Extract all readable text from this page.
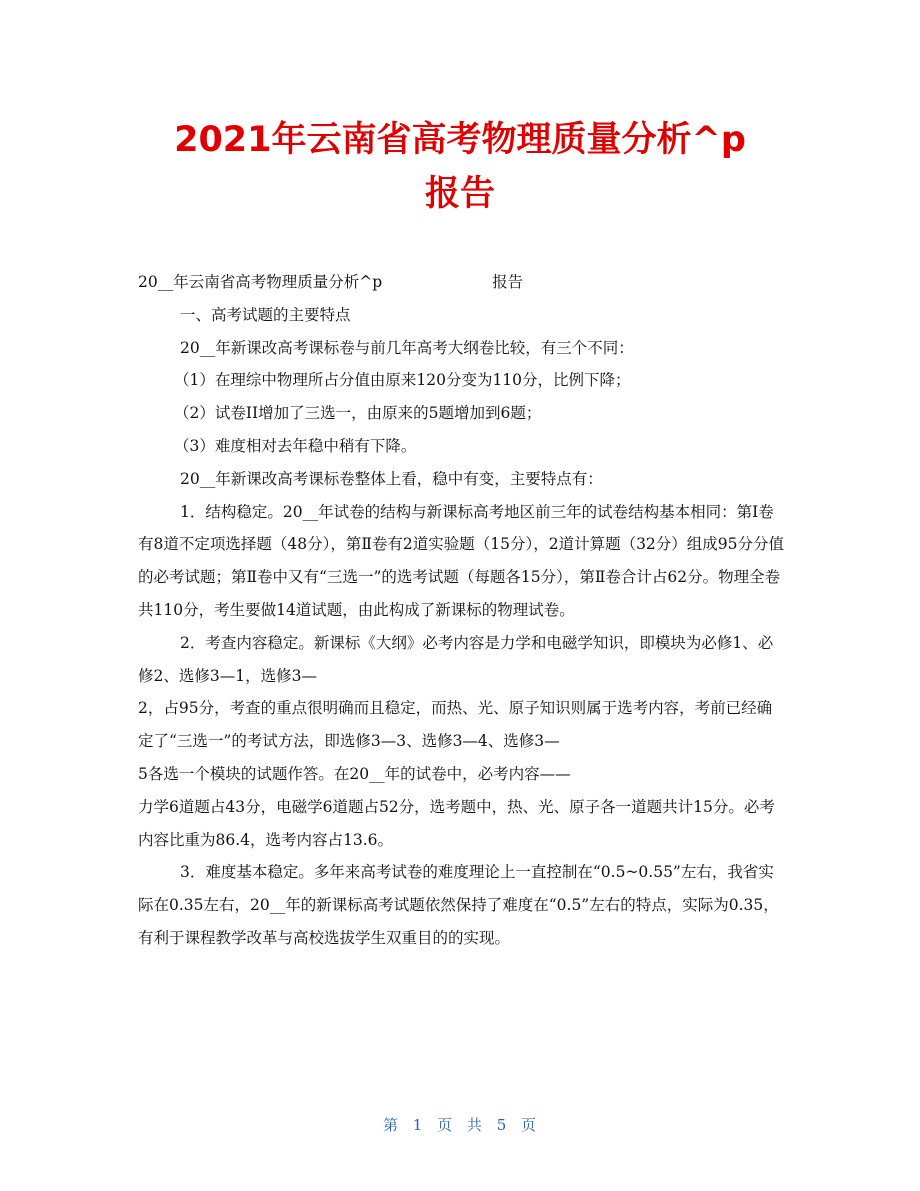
2021年云南省高考物理质量分析^p
报告

20__年云南省高考物理质量分析^p	报告

一、高考试题的主要特点

20__年新课改高考课标卷与前几年高考大纲卷比较，有三个不同：

（1）在理综中物理所占分值由原来120分变为110分，比例下降；

（2）试卷II增加了三选一，由原来的5题增加到6题；

（3）难度相对去年稳中稍有下降。

20__年新课改高考课标卷整体上看，稳中有变，主要特点有：

1．结构稳定。20__年试卷的结构与新课标高考地区前三年的试卷结构基本相同：第Ⅰ卷有8道不定项选择题（48分），第Ⅱ卷有2道实验题（15分），2道计算题（32分）组成95分分值的必考试题；第Ⅱ卷中又有“三选一”的选考试题（每题各15分），第Ⅱ卷合计占62分。物理全卷共110分，考生要做14道试题，由此构成了新课标的物理试卷。

2．考查内容稳定。新课标《大纲》必考内容是力学和电磁学知识，即模块为必修1、必修2、选修3—1，选修3—

2，占95分，考查的重点很明确而且稳定，而热、光、原子知识则属于选考内容，考前已经确定了“三选一”的考试方法，即选修3—3、选修3—4、选修3—

5各选一个模块的试题作答。在20__年的试卷中，必考内容——

力学6道题占43分，电磁学6道题占52分，选考题中，热、光、原子各一道题共计15分。必考内容比重为86.4，选考内容占13.6。

3．难度基本稳定。多年来高考试卷的难度理论上一直控制在“0.5~0.55”左右，我省实际在0.35左右，20__年的新课标高考试题依然保持了难度在“0.5”左右的特点，实际为0.35，有利于课程教学改革与高校选拔学生双重目的的实现。

第 1 页 共 5 页
